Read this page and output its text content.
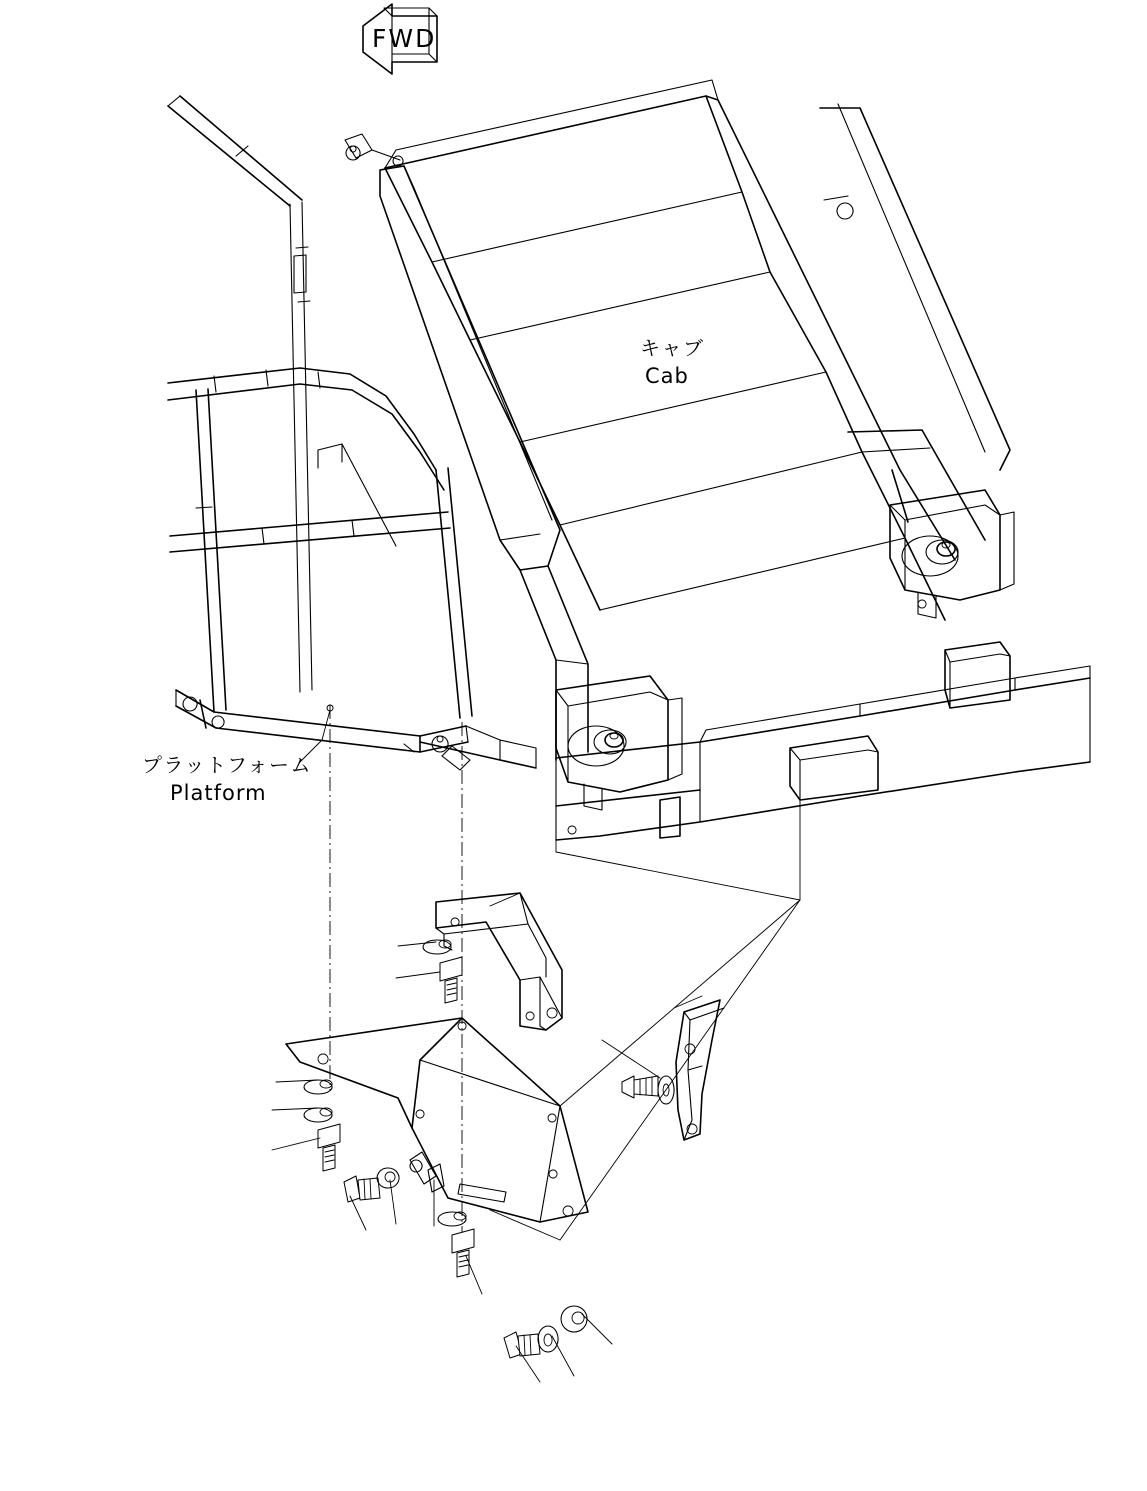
FWD
キャブ
Cab
プラットフォーム
Platform
